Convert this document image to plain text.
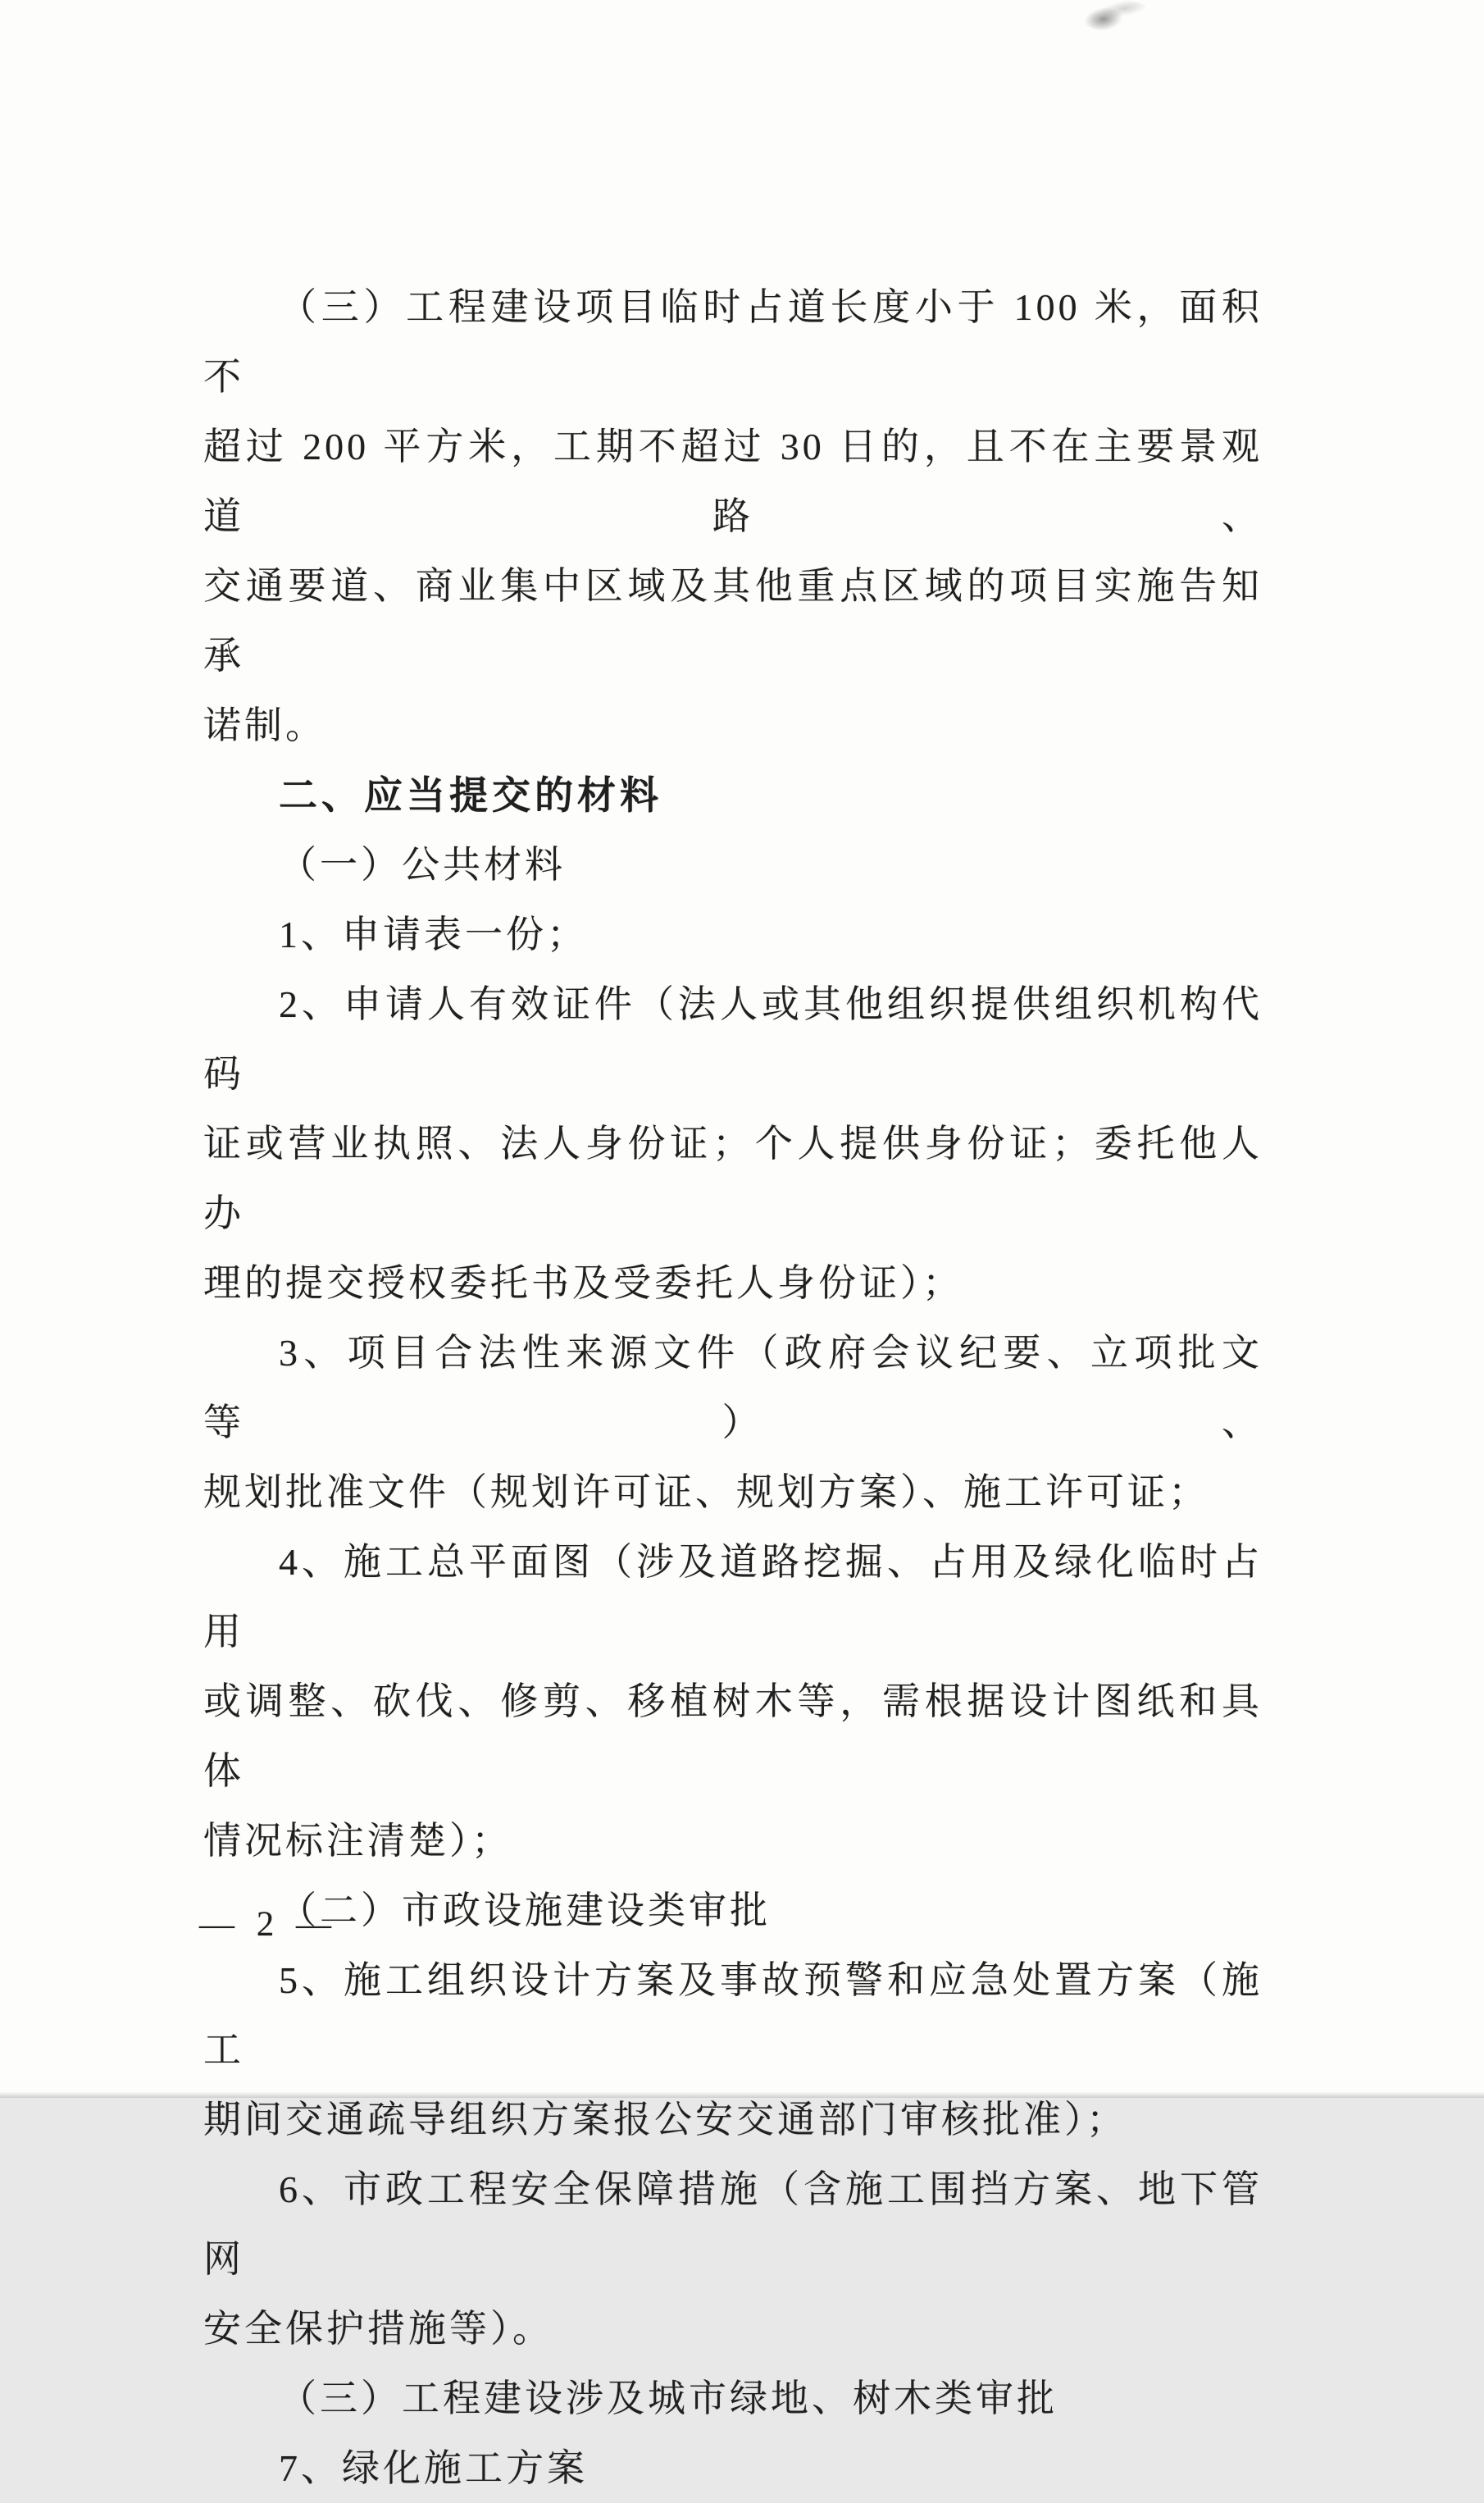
（三）工程建设项目临时占道长度小于 100 米，面积不
超过 200 平方米，工期不超过 30 日的，且不在主要景观道路、
交通要道、商业集中区域及其他重点区域的项目实施告知承
诺制。
二、应当提交的材料
（一）公共材料
1、申请表一份；
2、申请人有效证件（法人或其他组织提供组织机构代码
证或营业执照、法人身份证；个人提供身份证；委托他人办
理的提交授权委托书及受委托人身份证）；
3、项目合法性来源文件（政府会议纪要、立项批文等）、
规划批准文件（规划许可证、规划方案）、施工许可证；
4、施工总平面图（涉及道路挖掘、占用及绿化临时占用
或调整、砍伐、修剪、移植树木等，需根据设计图纸和具体
情况标注清楚）；
（二）市政设施建设类审批
5、施工组织设计方案及事故预警和应急处置方案（施工
期间交通疏导组织方案报公安交通部门审核批准）；
6、市政工程安全保障措施（含施工围挡方案、地下管网
安全保护措施等）。
（三）工程建设涉及城市绿地、树木类审批
7、绿化施工方案
— 2 —
